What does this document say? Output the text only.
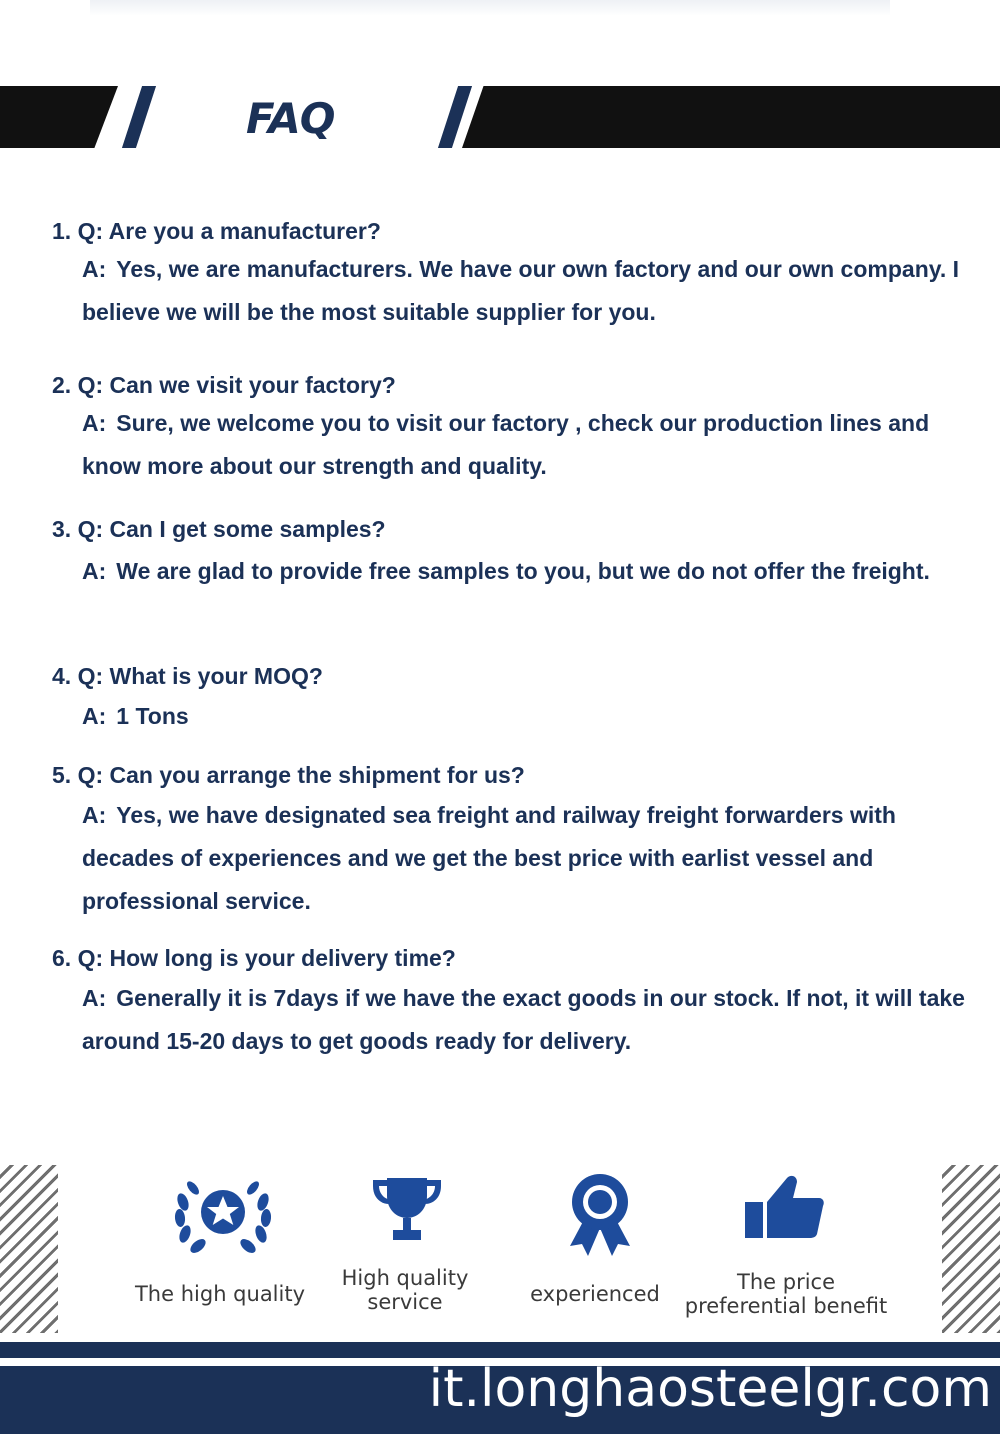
FAQ
1. Q: Are you a manufacturer?
A: Yes, we are manufacturers. We have our own factory and our own company. I believe we will be the most suitable supplier for you.
2. Q: Can we visit your factory?
A: Sure, we welcome you to visit our factory , check our production lines and know more about our strength and quality.
3. Q: Can I get some samples?
A: We are glad to provide free samples to you, but we do not offer the freight.
4. Q: What is your MOQ?
A: 1 Tons
5. Q: Can you arrange the shipment for us?
A: Yes, we have designated sea freight and railway freight forwarders with decades of experiences and we get the best price with earlist vessel and professional service.
6. Q: How long is your delivery time?
A: Generally it is 7days if we have the exact goods in our stock. If not, it will take around 15-20 days to get goods ready for delivery.
The high quality
High quality
service	experienced	The price
preferential benefit
it.longhaosteelgr.com
